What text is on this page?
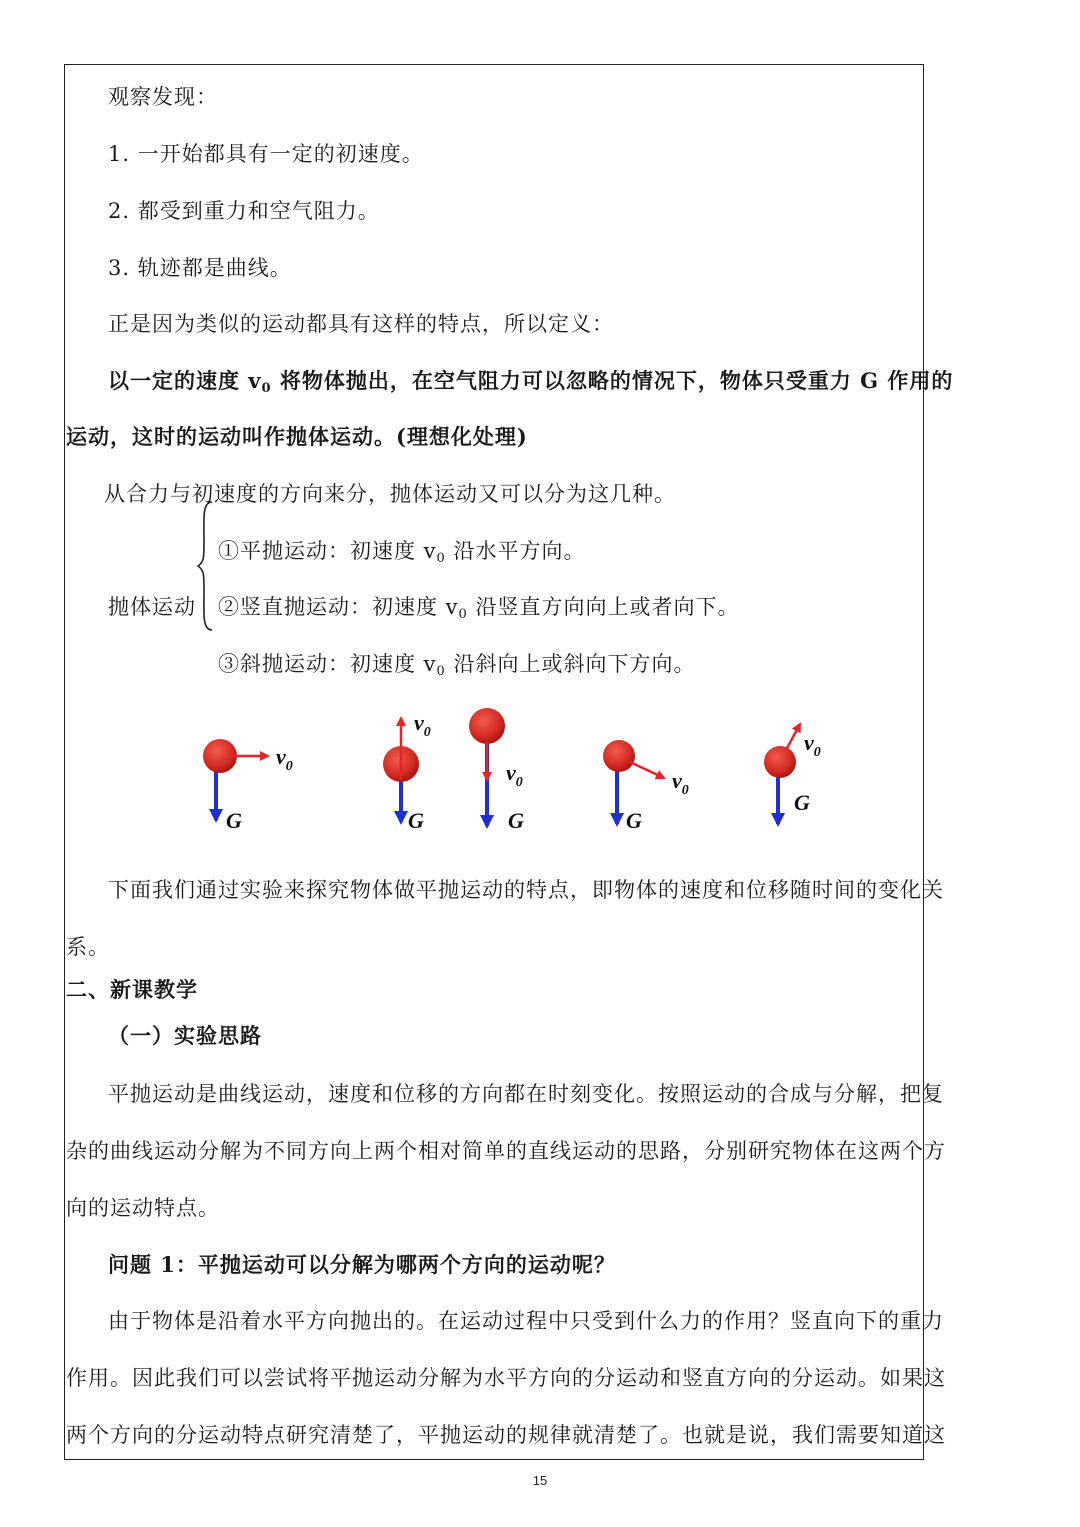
观察发现：
1. 一开始都具有一定的初速度。
2. 都受到重力和空气阻力。
3. 轨迹都是曲线。
正是因为类似的运动都具有这样的特点，所以定义：
以一定的速度 $v_0$ 将物体抛出，在空气阻力可以忽略的情况下，物体只受重力 G 作用的
运动，这时的运动叫作抛体运动。(理想化处理)
从合力与初速度的方向来分，抛体运动又可以分为这几种。
抛体运动
①平抛运动：初速度 $v_0$ 沿水平方向。
②竖直抛运动：初速度 $v_0$ 沿竖直方向向上或者向下。
③斜抛运动：初速度 $v_0$ 沿斜向上或斜向下方向。
$v_0$
G
$v_0$
G
$v_0$
G
$v_0$
G
$v_0$
G
下面我们通过实验来探究物体做平抛运动的特点，即物体的速度和位移随时间的变化关
系。
二、新课教学
（一）实验思路
平抛运动是曲线运动，速度和位移的方向都在时刻变化。按照运动的合成与分解，把复
杂的曲线运动分解为不同方向上两个相对简单的直线运动的思路，分别研究物体在这两个方
向的运动特点。
问题 1：平抛运动可以分解为哪两个方向的运动呢？
由于物体是沿着水平方向抛出的。在运动过程中只受到什么力的作用？竖直向下的重力
作用。因此我们可以尝试将平抛运动分解为水平方向的分运动和竖直方向的分运动。如果这
两个方向的分运动特点研究清楚了，平抛运动的规律就清楚了。也就是说，我们需要知道这
15
